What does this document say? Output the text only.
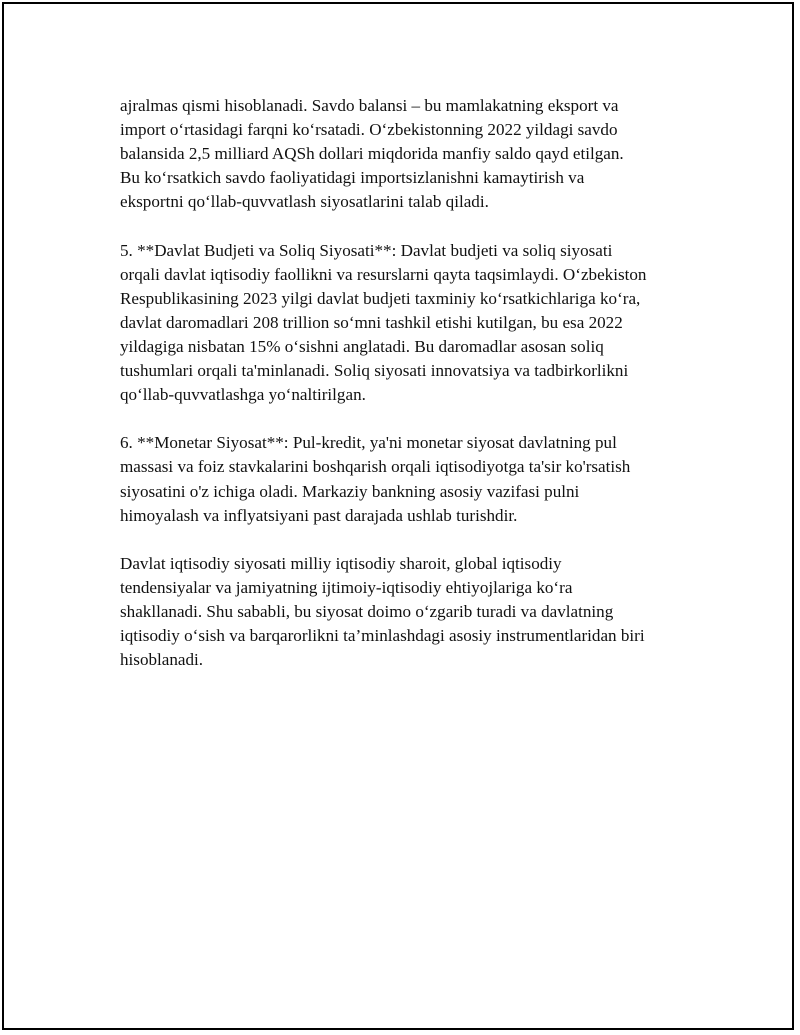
ajralmas qismi hisoblanadi. Savdo balansi – bu mamlakatning eksport va
import oʻrtasidagi farqni koʻrsatadi. Oʻzbekistonning 2022 yildagi savdo
balansida 2,5 milliard AQSh dollari miqdorida manfiy saldo qayd etilgan.
Bu koʻrsatkich savdo faoliyatidagi importsizlanishni kamaytirish va
eksportni qoʻllab-quvvatlash siyosatlarini talab qiladi.

5. **Davlat Budjeti va Soliq Siyosati**: Davlat budjeti va soliq siyosati
orqali davlat iqtisodiy faollikni va resurslarni qayta taqsimlaydi. Oʻzbekiston
Respublikasining 2023 yilgi davlat budjeti taxminiy koʻrsatkichlariga koʻra,
davlat daromadlari 208 trillion soʻmni tashkil etishi kutilgan, bu esa 2022
yildagiga nisbatan 15% oʻsishni anglatadi. Bu daromadlar asosan soliq
tushumlari orqali ta'minlanadi. Soliq siyosati innovatsiya va tadbirkorlikni
qoʻllab-quvvatlashga yoʻnaltirilgan.

6. **Monetar Siyosat**: Pul-kredit, ya'ni monetar siyosat davlatning pul
massasi va foiz stavkalarini boshqarish orqali iqtisodiyotga ta'sir ko'rsatish
siyosatini o'z ichiga oladi. Markaziy bankning asosiy vazifasi pulni
himoyalash va inflyatsiyani past darajada ushlab turishdir.

Davlat iqtisodiy siyosati milliy iqtisodiy sharoit, global iqtisodiy
tendensiyalar va jamiyatning ijtimoiy-iqtisodiy ehtiyojlariga koʻra
shakllanadi. Shu sababli, bu siyosat doimo oʻzgarib turadi va davlatning
iqtisodiy oʻsish va barqarorlikni ta’minlashdagi asosiy instrumentlaridan biri
hisoblanadi.
